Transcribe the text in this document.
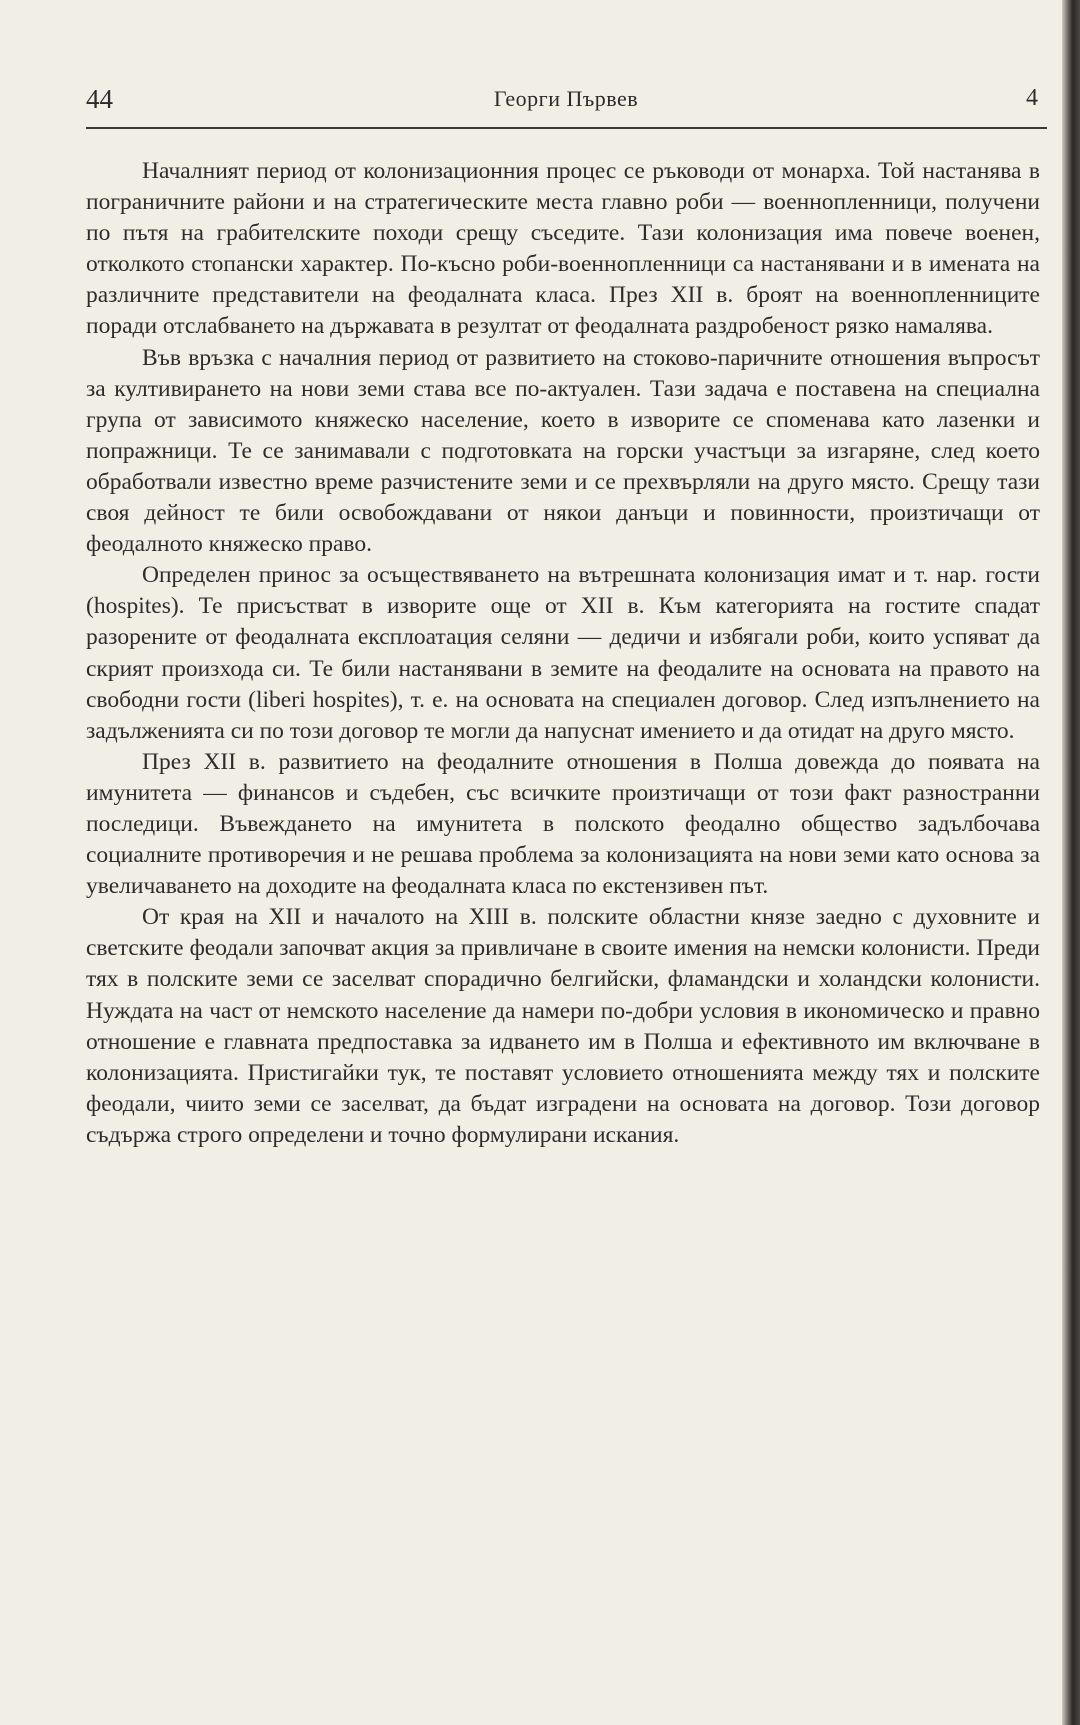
44	Георги Първев	4

Началният период от колонизационния процес се ръководи от монарха. Той настанява в пограничните райони и на стратегическите места главно роби — военнопленници, получени по пътя на грабителските походи срещу съседите. Тази колонизация има повече военен, отколкото стопански характер. По-късно роби-военнопленници са настанявани и в имената на различните представители на феодалната класа. През XII в. броят на военнопленниците поради отслабването на държавата в резултат от феодалната раздробеност рязко намалява.

Във връзка с началния период от развитието на стоково-паричните отношения въпросът за култивирането на нови земи става все по-актуален. Тази задача е поставена на специална група от зависимото княжеско население, което в изворите се споменава като лазенки и попражници. Те се занимавали с подготовката на горски участъци за изгаряне, след което обработвали известно време разчистените земи и се прехвърляли на друго място. Срещу тази своя дейност те били освобождавани от някои данъци и повинности, произтичащи от феодалното княжеско право.

Определен принос за осъществяването на вътрешната колонизация имат и т. нар. гости (hospites). Те присъстват в изворите още от XII в. Към категорията на гостите спадат разорените от феодалната експлоатация селяни — дедичи и избягали роби, които успяват да скрият произхода си. Те били настанявани в земите на феодалите на основата на правото на свободни гости (liberi hospites), т. е. на основата на специален договор. След изпълнението на задълженията си по този договор те могли да напуснат имението и да отидат на друго място.

През XII в. развитието на феодалните отношения в Полша довежда до появата на имунитета — финансов и съдебен, със всичките произтичащи от този факт разностранни последици. Въвеждането на имунитета в полското феодално общество задълбочава социалните противоречия и не решава проблема за колонизацията на нови земи като основа за увеличаването на доходите на феодалната класа по екстензивен път.

От края на XII и началото на XIII в. полските областни князе заедно с духовните и светските феодали започват акция за привличане в своите имения на немски колонисти. Преди тях в полските земи се заселват спорадично белгийски, фламандски и холандски колонисти. Нуждата на част от немското население да намери по-добри условия в икономическо и правно отношение е главната предпоставка за идването им в Полша и ефективното им включване в колонизацията. Пристигайки тук, те поставят условието отношенията между тях и полските феодали, чиито земи се заселват, да бъдат изградени на основата на договор. Този договор съдържа строго определени и точно формулирани искания.
